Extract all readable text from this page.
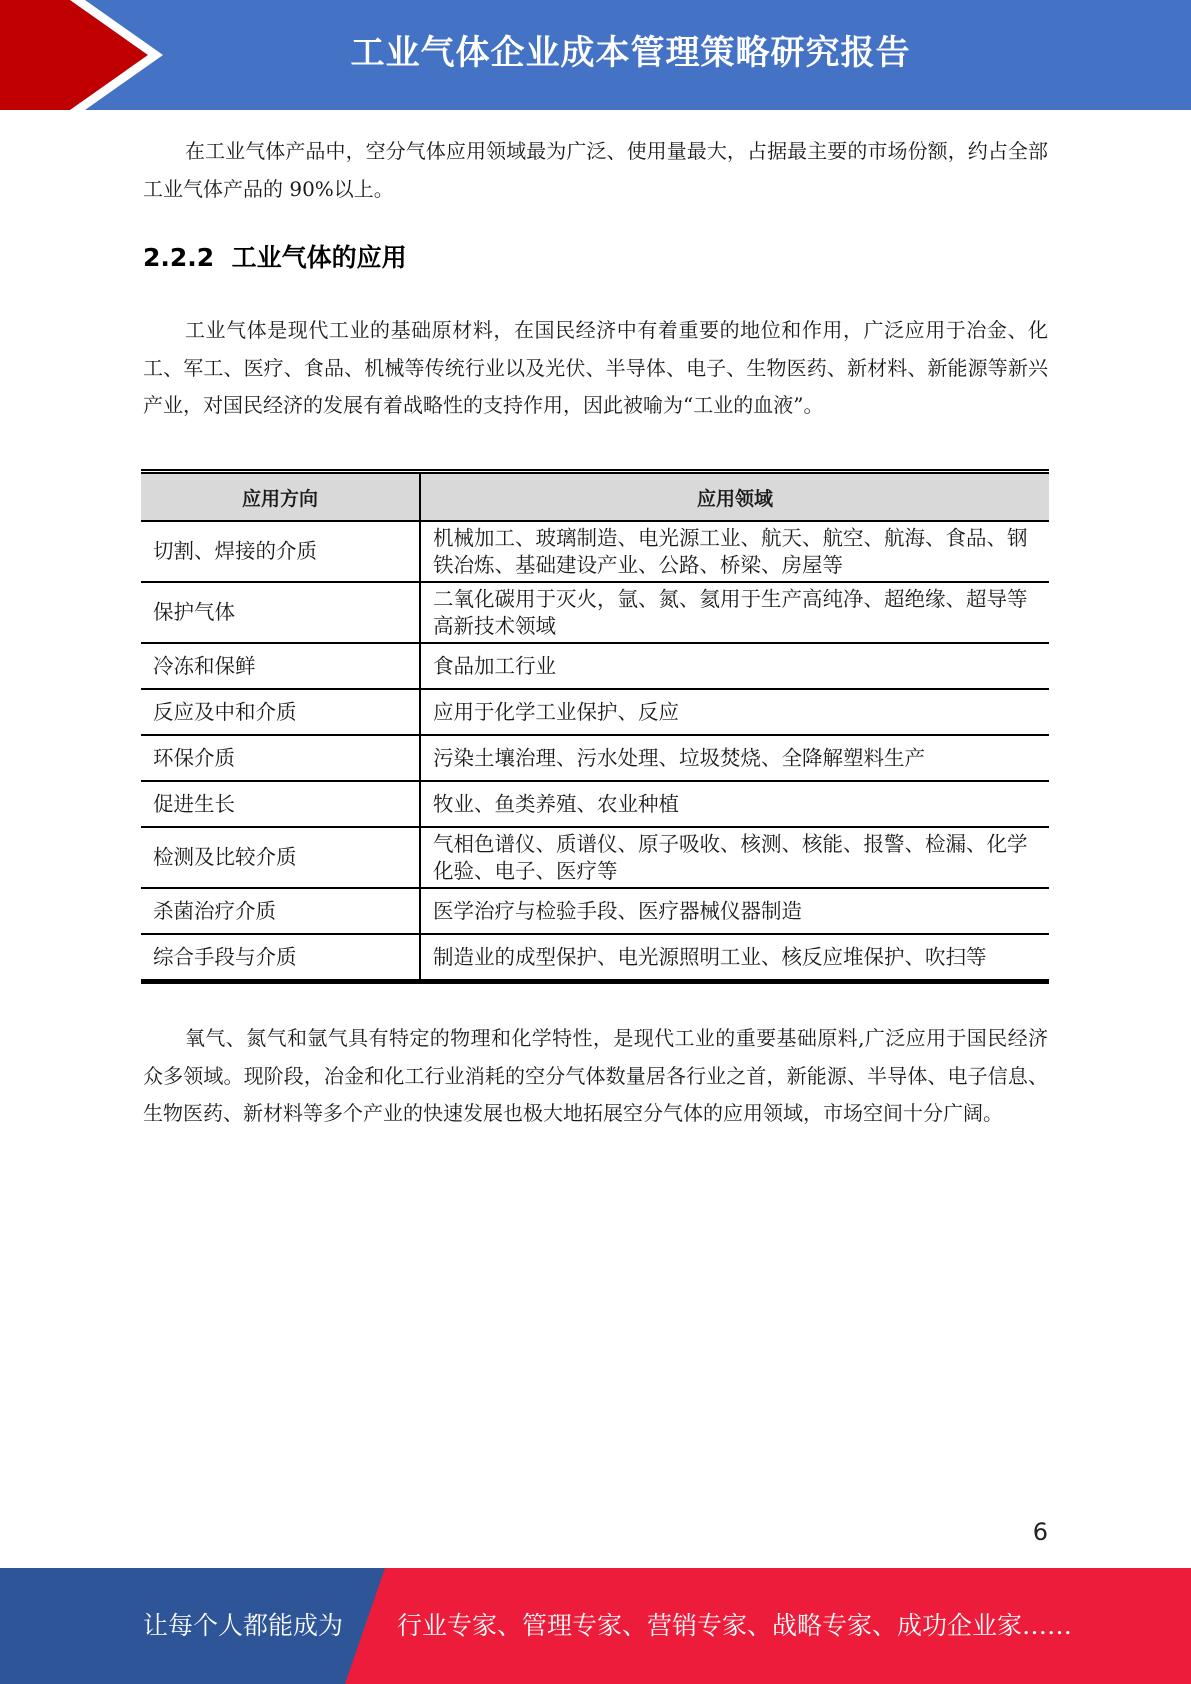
工业气体企业成本管理策略研究报告

在工业气体产品中，空分气体应用领域最为广泛、使用量最大，占据最主要的市场份额，约占全部工业气体产品的 90%以上。

2.2.2 工业气体的应用

工业气体是现代工业的基础原材料，在国民经济中有着重要的地位和作用，广泛应用于冶金、化工、军工、医疗、食品、机械等传统行业以及光伏、半导体、电子、生物医药、新材料、新能源等新兴产业，对国民经济的发展有着战略性的支持作用，因此被喻为“工业的血液”。

应用方向	应用领域
切割、焊接的介质	机械加工、玻璃制造、电光源工业、航天、航空、航海、食品、钢铁冶炼、基础建设产业、公路、桥梁、房屋等
保护气体	二氧化碳用于灭火，氩、氮、氦用于生产高纯净、超绝缘、超导等高新技术领域
冷冻和保鲜	食品加工行业
反应及中和介质	应用于化学工业保护、反应
环保介质	污染土壤治理、污水处理、垃圾焚烧、全降解塑料生产
促进生长	牧业、鱼类养殖、农业种植
检测及比较介质	气相色谱仪、质谱仪、原子吸收、核测、核能、报警、检漏、化学化验、电子、医疗等
杀菌治疗介质	医学治疗与检验手段、医疗器械仪器制造
综合手段与介质	制造业的成型保护、电光源照明工业、核反应堆保护、吹扫等

氧气、氮气和氩气具有特定的物理和化学特性，是现代工业的重要基础原料,广泛应用于国民经济众多领域。现阶段，冶金和化工行业消耗的空分气体数量居各行业之首，新能源、半导体、电子信息、生物医药、新材料等多个产业的快速发展也极大地拓展空分气体的应用领域，市场空间十分广阔。

6
让每个人都能成为 行业专家、管理专家、营销专家、战略专家、成功企业家……
